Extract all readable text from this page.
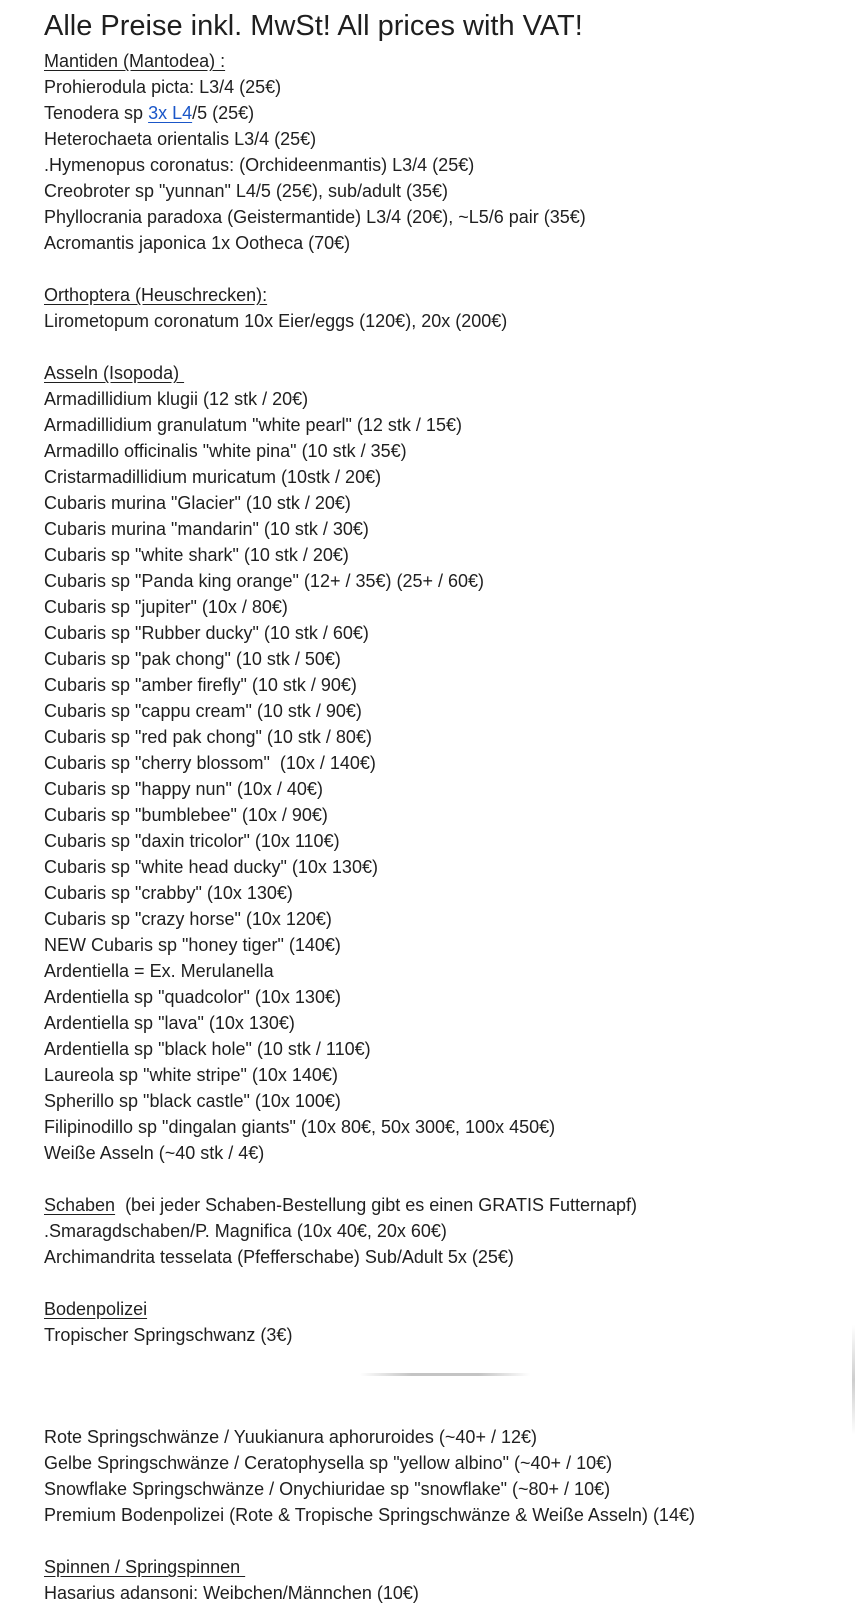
Alle Preise inkl. MwSt! All prices with VAT!
Mantiden (Mantodea) :
Prohierodula picta: L3/4 (25€)
Tenodera sp 3x L4/5 (25€)
Heterochaeta orientalis L3/4 (25€)
.Hymenopus coronatus: (Orchideenmantis) L3/4 (25€)
Creobroter sp "yunnan" L4/5 (25€), sub/adult (35€)
Phyllocrania paradoxa (Geistermantide) L3/4 (20€), ~L5/6 pair (35€)
Acromantis japonica 1x Ootheca (70€)
Orthoptera (Heuschrecken):
Lirometopum coronatum 10x Eier/eggs (120€), 20x (200€)
Asseln (Isopoda)
Armadillidium klugii (12 stk / 20€)
Armadillidium granulatum "white pearl" (12 stk / 15€)
Armadillo officinalis "white pina" (10 stk / 35€)
Cristarmadillidium muricatum (10stk / 20€)
Cubaris murina "Glacier" (10 stk / 20€)
Cubaris murina "mandarin" (10 stk / 30€)
Cubaris sp "white shark" (10 stk / 20€)
Cubaris sp "Panda king orange" (12+ / 35€) (25+ / 60€)
Cubaris sp "jupiter" (10x / 80€)
Cubaris sp "Rubber ducky" (10 stk / 60€)
Cubaris sp "pak chong" (10 stk / 50€)
Cubaris sp "amber firefly" (10 stk / 90€)
Cubaris sp "cappu cream" (10 stk / 90€)
Cubaris sp "red pak chong" (10 stk / 80€)
Cubaris sp "cherry blossom"  (10x / 140€)
Cubaris sp "happy nun" (10x / 40€)
Cubaris sp "bumblebee" (10x / 90€)
Cubaris sp "daxin tricolor" (10x 110€)
Cubaris sp "white head ducky" (10x 130€)
Cubaris sp "crabby" (10x 130€)
Cubaris sp "crazy horse" (10x 120€)
NEW Cubaris sp "honey tiger" (140€)
Ardentiella = Ex. Merulanella
Ardentiella sp "quadcolor" (10x 130€)
Ardentiella sp "lava" (10x 130€)
Ardentiella sp "black hole" (10 stk / 110€)
Laureola sp "white stripe" (10x 140€)
Spherillo sp "black castle" (10x 100€)
Filipinodillo sp "dingalan giants" (10x 80€, 50x 300€, 100x 450€)
Weiße Asseln (~40 stk / 4€)
Schaben  (bei jeder Schaben-Bestellung gibt es einen GRATIS Futternapf)
.Smaragdschaben/P. Magnifica (10x 40€, 20x 60€)
Archimandrita tesselata (Pfefferschabe) Sub/Adult 5x (25€)
Bodenpolizei
Tropischer Springschwanz (3€)
Rote Springschwänze / Yuukianura aphoruroides (~40+ / 12€)
Gelbe Springschwänze / Ceratophysella sp "yellow albino" (~40+ / 10€)
Snowflake Springschwänze / Onychiuridae sp "snowflake" (~80+ / 10€)
Premium Bodenpolizei (Rote & Tropische Springschwänze & Weiße Asseln) (14€)
Spinnen / Springspinnen
Hasarius adansoni: Weibchen/Männchen (10€)
